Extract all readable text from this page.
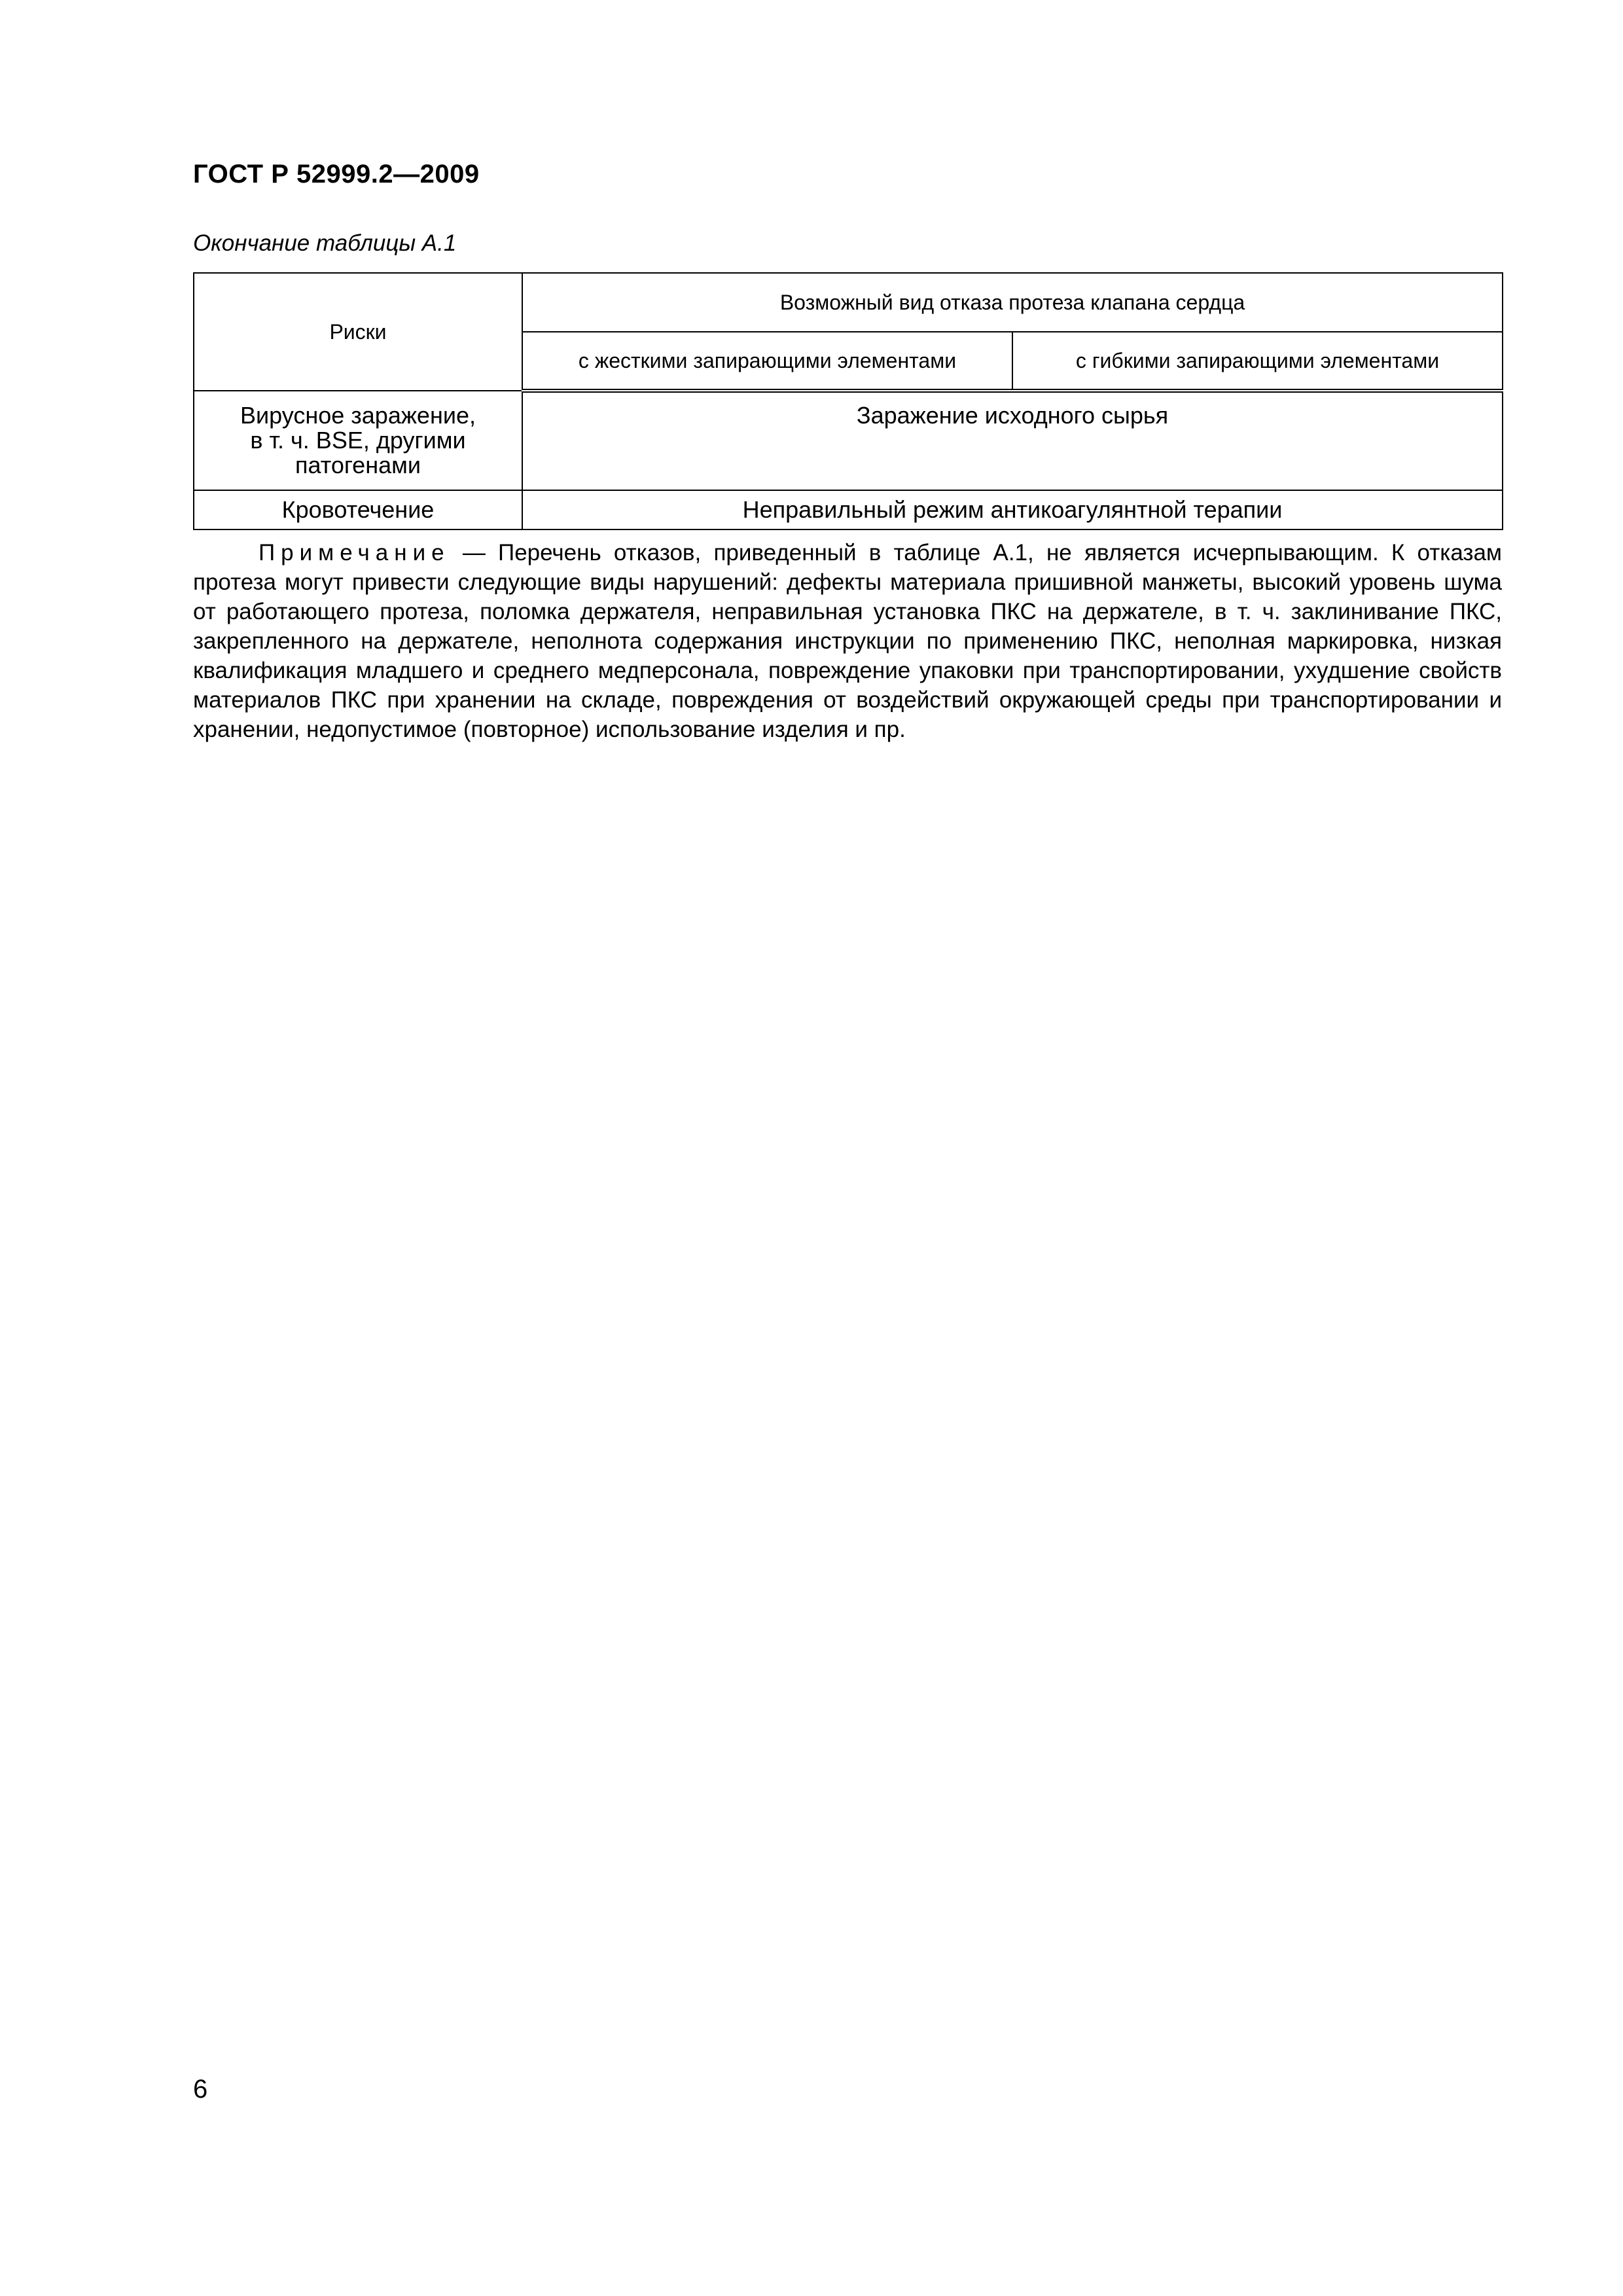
ГОСТ Р 52999.2—2009
Окончание таблицы А.1
Риски	Возможный вид отказа протеза клапана сердца	
	с жесткими запирающими элементами	с гибкими запирающими элементами
Вирусное заражение,
в т. ч. BSE, другими
патогенами	Заражение исходного сырья	
Кровотечение	Неправильный режим антикоагулянтной терапии	
Примечание — Перечень отказов, приведенный в таблице А.1, не является исчерпывающим. К отказам протеза могут привести следующие виды нарушений: дефекты материала пришивной манжеты, высокий уровень шума от работающего протеза, поломка держателя, неправильная установка ПКС на держателе, в т. ч. заклинивание ПКС, закрепленного на держателе, неполнота содержания инструкции по применению ПКС, неполная маркировка, низкая квалификация младшего и среднего медперсонала, повреждение упаковки при транспортировании, ухудшение свойств материалов ПКС при хранении на складе, повреждения от воздействий окружающей среды при транспортировании и хранении, недопустимое (повторное) использование изделия и пр.
6
